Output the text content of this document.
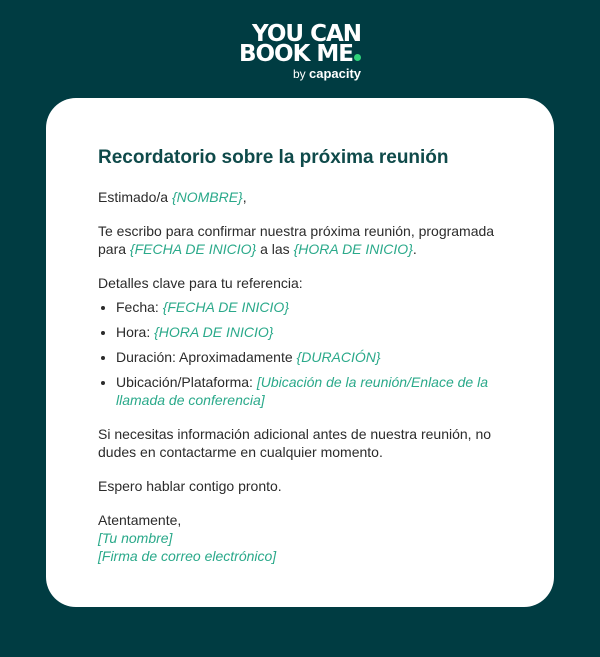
YOU CAN
BOOK ME
by capacity
Recordatorio sobre la próxima reunión

Estimado/a {NOMBRE},

Te escribo para confirmar nuestra próxima reunión, programada para {FECHA DE INICIO} a las {HORA DE INICIO}.

Detalles clave para tu referencia:

• Fecha: {FECHA DE INICIO}
• Hora: {HORA DE INICIO}
• Duración: Aproximadamente {DURACIÓN}
• Ubicación/Plataforma: [Ubicación de la reunión/Enlace de la llamada de conferencia]

Si necesitas información adicional antes de nuestra reunión, no dudes en contactarme en cualquier momento.

Espero hablar contigo pronto.

Atentamente,

[Tu nombre]

[Firma de correo electrónico]
